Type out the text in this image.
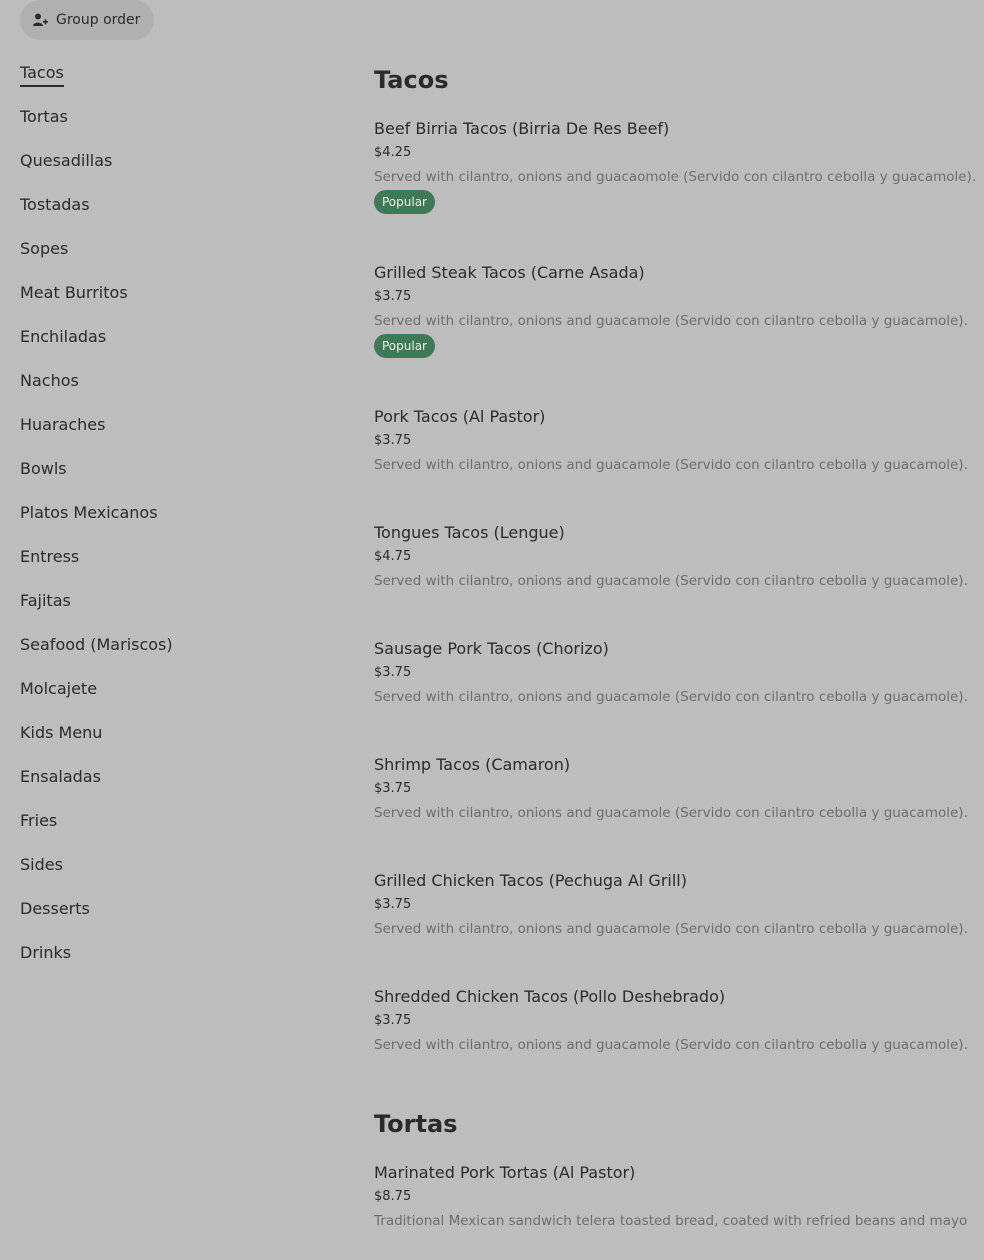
Group order
Tacos
Tortas
Quesadillas
Tostadas
Sopes
Meat Burritos
Enchiladas
Nachos
Huaraches
Bowls
Platos Mexicanos
Entress
Fajitas
Seafood (Mariscos)
Molcajete
Kids Menu
Ensaladas
Fries
Sides
Desserts
Drinks
Tacos
Beef Birria Tacos (Birria De Res Beef)
$4.25
Served with cilantro, onions and guacaomole (Servido con cilantro cebolla y guacamole).
Popular
Grilled Steak Tacos (Carne Asada)
$3.75
Served with cilantro, onions and guacamole (Servido con cilantro cebolla y guacamole).
Popular
Pork Tacos (Al Pastor)
$3.75
Served with cilantro, onions and guacamole (Servido con cilantro cebolla y guacamole).
Tongues Tacos (Lengue)
$4.75
Served with cilantro, onions and guacamole (Servido con cilantro cebolla y guacamole).
Sausage Pork Tacos (Chorizo)
$3.75
Served with cilantro, onions and guacamole (Servido con cilantro cebolla y guacamole).
Shrimp Tacos (Camaron)
$3.75
Served with cilantro, onions and guacamole (Servido con cilantro cebolla y guacamole).
Grilled Chicken Tacos (Pechuga Al Grill)
$3.75
Served with cilantro, onions and guacamole (Servido con cilantro cebolla y guacamole).
Shredded Chicken Tacos (Pollo Deshebrado)
$3.75
Served with cilantro, onions and guacamole (Servido con cilantro cebolla y guacamole).
Tortas
Marinated Pork Tortas (Al Pastor)
$8.75
Traditional Mexican sandwich telera toasted bread, coated with refried beans and mayo
